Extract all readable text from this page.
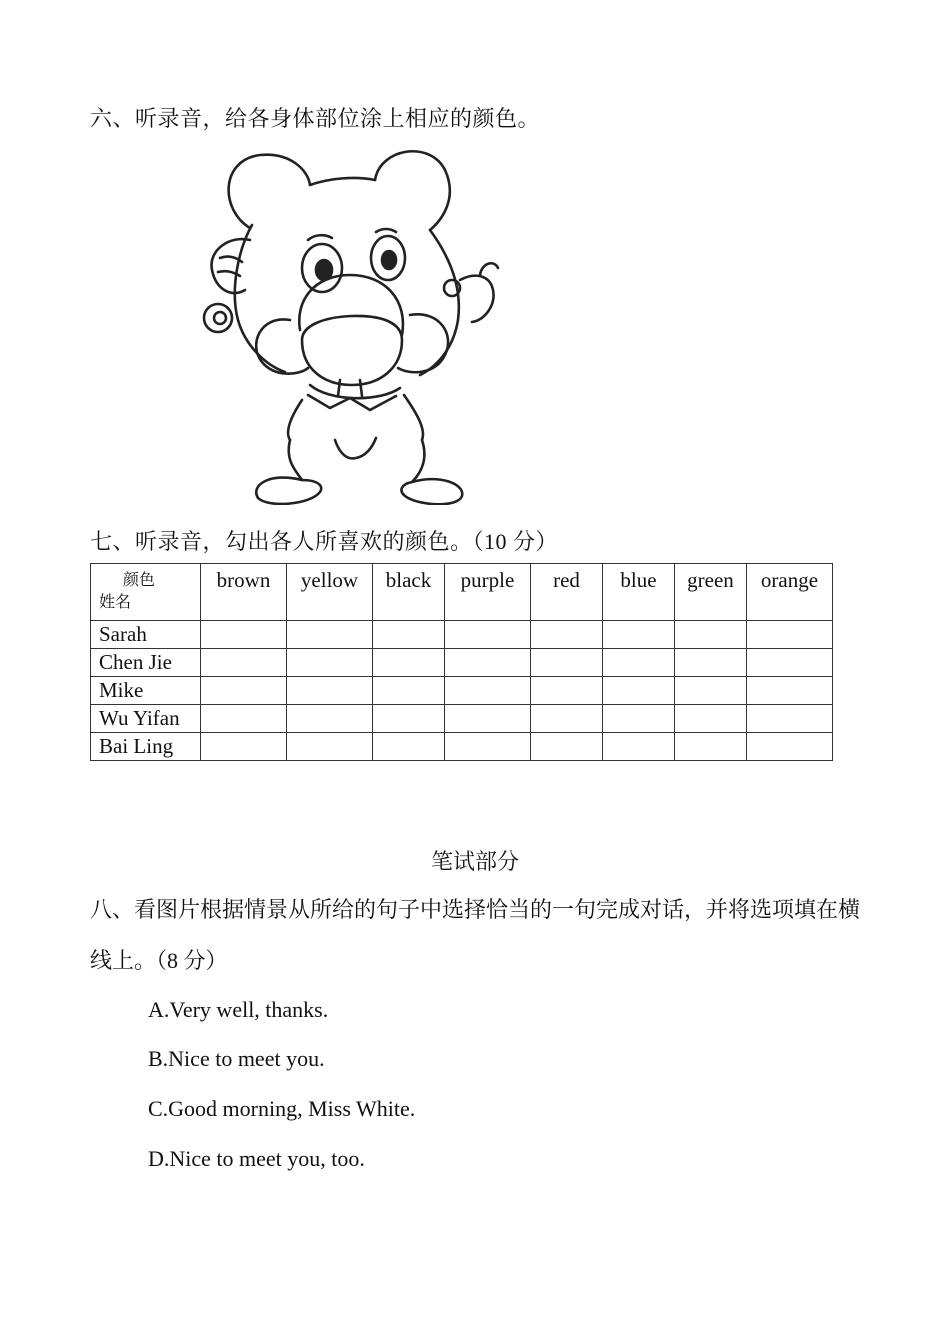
六、听录音，给各身体部位涂上相应的颜色。
七、听录音，勾出各人所喜欢的颜色。（10 分）
颜色
姓名	brown	yellow	black	purple	red	blue	green	orange
Sarah								
Chen Jie								
Mike								
Wu Yifan								
Bai Ling								
笔试部分
八、看图片根据情景从所给的句子中选择恰当的一句完成对话，并将选项填在横线上。（8 分）
A.Very well, thanks.
B.Nice to meet you.
C.Good morning, Miss White.
D.Nice to meet you, too.
